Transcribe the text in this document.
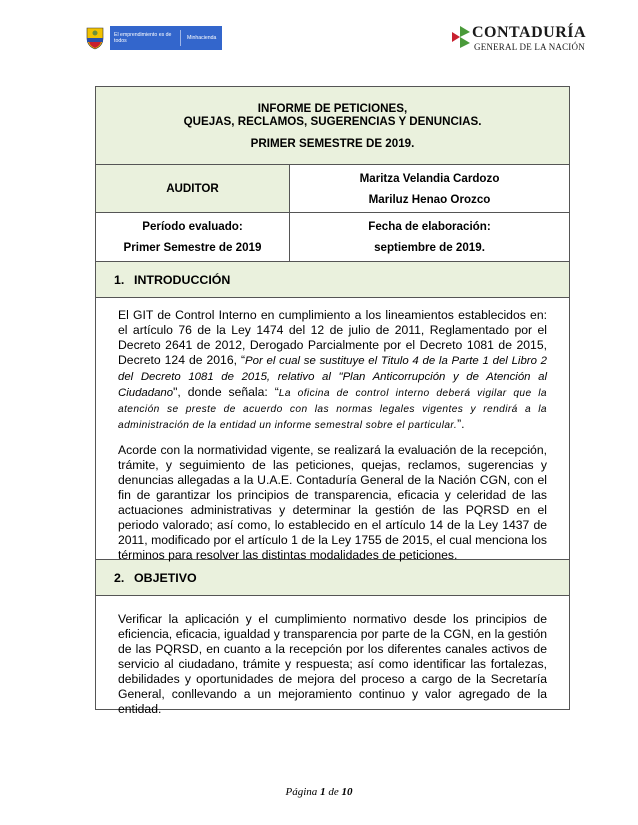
El emprendimiento es de todos	Minhacienda	CONTADURÍA
GENERAL DE LA NACIÓN
INFORME DE PETICIONES,
QUEJAS, RECLAMOS, SUGERENCIAS Y DENUNCIAS.
PRIMER SEMESTRE DE 2019.
AUDITOR
Maritza Velandia Cardozo
Mariluz Henao Orozco
Período evaluado:
Primer Semestre de 2019
Fecha de elaboración:
septiembre de 2019.
1. INTRODUCCIÓN

El GIT de Control Interno en cumplimiento a los lineamientos establecidos en: el artículo 76 de la Ley 1474 del 12 de julio de 2011, Reglamentado por el Decreto 2641 de 2012, Derogado Parcialmente por el Decreto 1081 de 2015, Decreto 124 de 2016, “Por el cual se sustituye el Titulo 4 de la Parte 1 del Libro 2 del Decreto 1081 de 2015, relativo al "Plan Anticorrupción y de Atención al Ciudadano", donde señala: “La oficina de control interno deberá vigilar que la atención se preste de acuerdo con las normas legales vigentes y rendirá a la administración de la entidad un informe semestral sobre el particular.”.

Acorde con la normatividad vigente, se realizará la evaluación de la recepción, trámite, y seguimiento de las peticiones, quejas, reclamos, sugerencias y denuncias allegadas a la U.A.E. Contaduría General de la Nación CGN, con el fin de garantizar los principios de transparencia, eficacia y celeridad de las actuaciones administrativas y determinar la gestión de las PQRSD en el periodo valorado; así como, lo establecido en el artículo 14 de la Ley 1437 de 2011, modificado por el artículo 1 de la Ley 1755 de 2015, el cual menciona los términos para resolver las distintas modalidades de peticiones.

2. OBJETIVO

Verificar la aplicación y el cumplimiento normativo desde los principios de eficiencia, eficacia, igualdad y transparencia por parte de la CGN, en la gestión de las PQRSD, en cuanto a la recepción por los diferentes canales activos de servicio al ciudadano, trámite y respuesta; así como identificar las fortalezas, debilidades y oportunidades de mejora del proceso a cargo de la Secretaría General, conllevando a un mejoramiento continuo y valor agregado de la entidad.

Página 1 de 10
